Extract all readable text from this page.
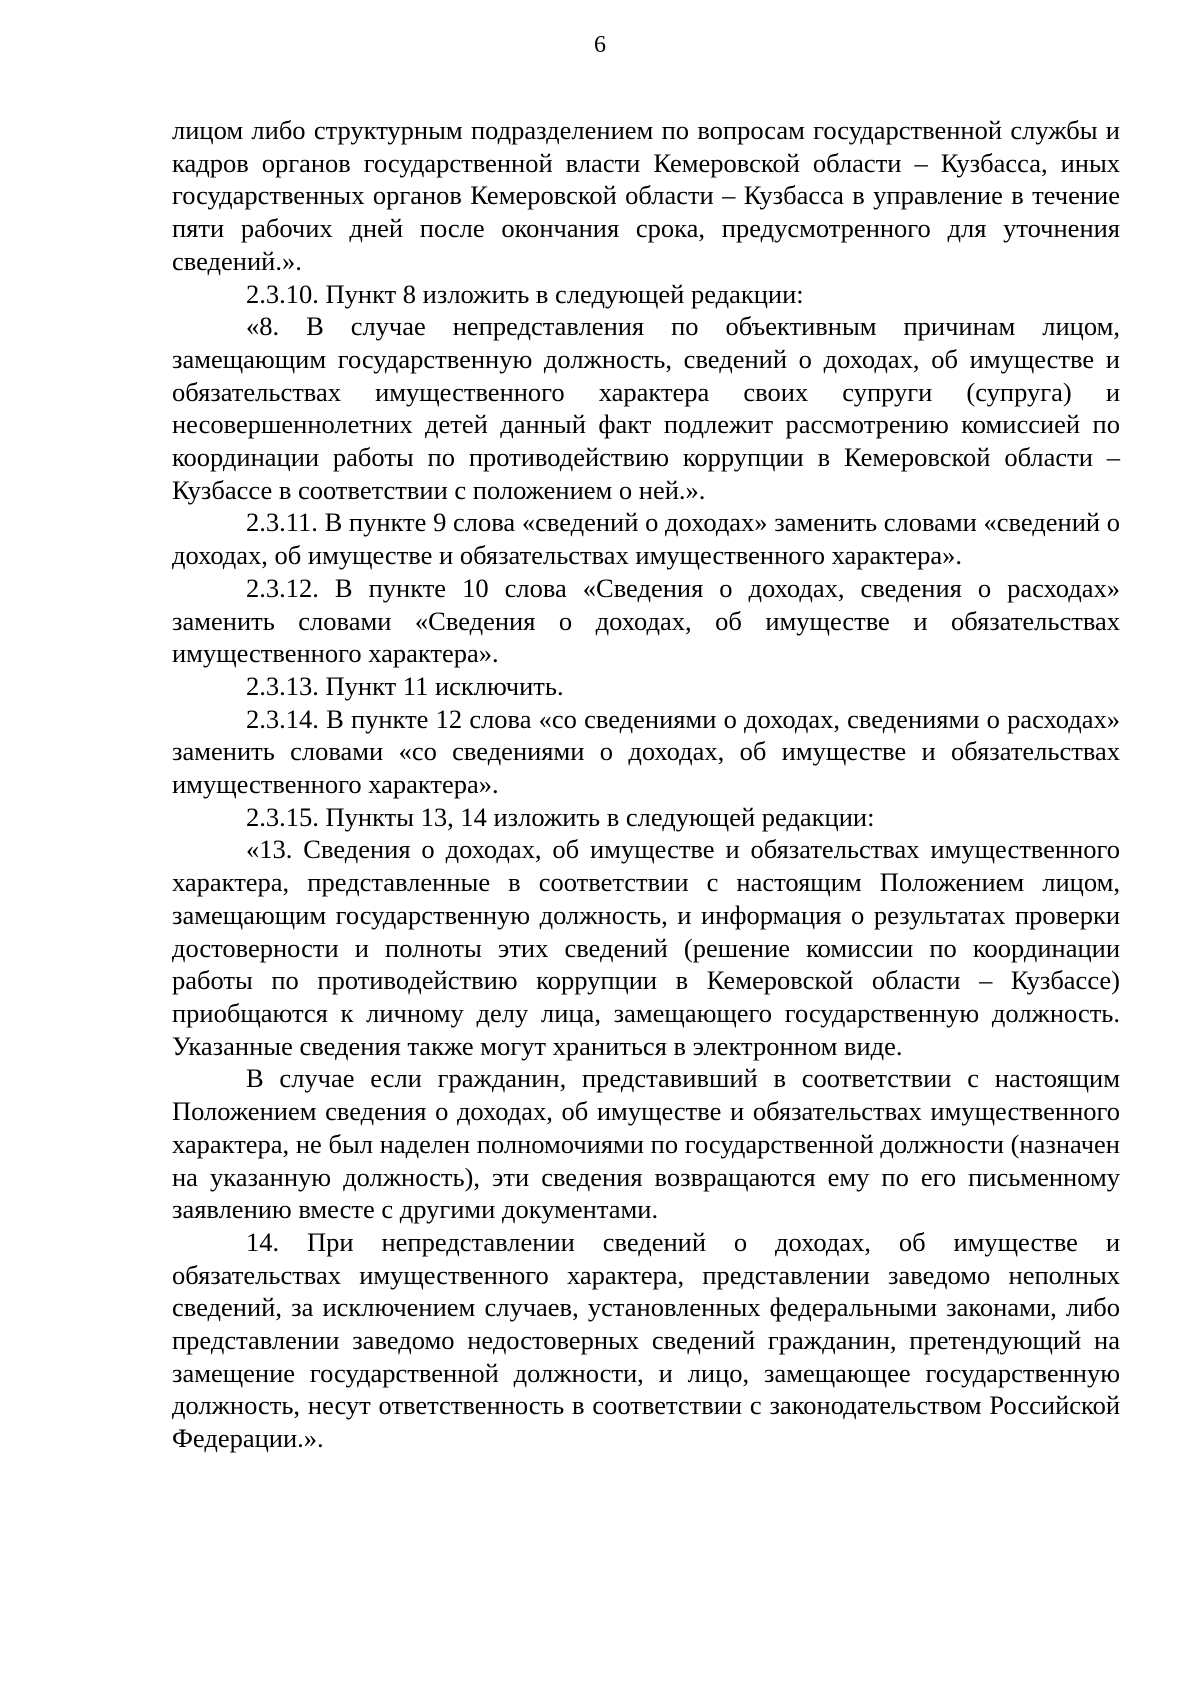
6

лицом либо структурным подразделением по вопросам государственной службы и кадров органов государственной власти Кемеровской области – Кузбасса, иных государственных органов Кемеровской области – Кузбасса в управление в течение пяти рабочих дней после окончания срока, предусмотренного для уточнения сведений.».

2.3.10. Пункт 8 изложить в следующей редакции:

«8. В случае непредставления по объективным причинам лицом, замещающим государственную должность, сведений о доходах, об имуществе и обязательствах имущественного характера своих супруги (супруга) и несовершеннолетних детей данный факт подлежит рассмотрению комиссией по координации работы по противодействию коррупции в Кемеровской области – Кузбассе в соответствии с положением о ней.».

2.3.11. В пункте 9 слова «сведений о доходах» заменить словами «сведений о доходах, об имуществе и обязательствах имущественного характера».

2.3.12. В пункте 10 слова «Сведения о доходах, сведения о расходах» заменить словами «Сведения о доходах, об имуществе и обязательствах имущественного характера».

2.3.13. Пункт 11 исключить.

2.3.14. В пункте 12 слова «со сведениями о доходах, сведениями о расходах» заменить словами «со сведениями о доходах, об имуществе и обязательствах имущественного характера».

2.3.15. Пункты 13, 14 изложить в следующей редакции:

«13. Сведения о доходах, об имуществе и обязательствах имущественного характера, представленные в соответствии с настоящим Положением лицом, замещающим государственную должность, и информация о результатах проверки достоверности и полноты этих сведений (решение комиссии по координации работы по противодействию коррупции в Кемеровской области – Кузбассе) приобщаются к личному делу лица, замещающего государственную должность. Указанные сведения также могут храниться в электронном виде.

В случае если гражданин, представивший в соответствии с настоящим Положением сведения о доходах, об имуществе и обязательствах имущественного характера, не был наделен полномочиями по государственной должности (назначен на указанную должность), эти сведения возвращаются ему по его письменному заявлению вместе с другими документами.

14. При непредставлении сведений о доходах, об имуществе и обязательствах имущественного характера, представлении заведомо неполных сведений, за исключением случаев, установленных федеральными законами, либо представлении заведомо недостоверных сведений гражданин, претендующий на замещение государственной должности, и лицо, замещающее государственную должность, несут ответственность в соответствии с законодательством Российской Федерации.».
